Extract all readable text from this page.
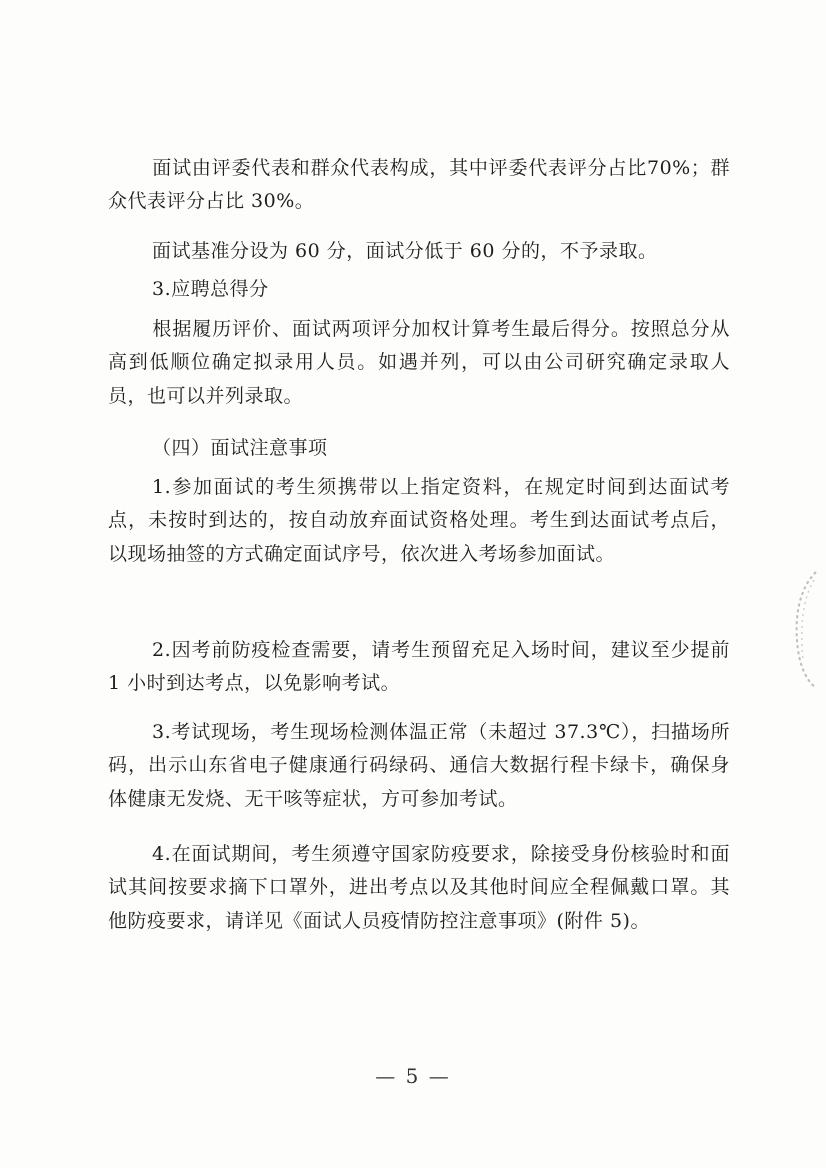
面试由评委代表和群众代表构成，其中评委代表评分占比70%；群众代表评分占比 30%。

面试基准分设为 60 分，面试分低于 60 分的，不予录取。

3.应聘总得分

根据履历评价、面试两项评分加权计算考生最后得分。按照总分从高到低顺位确定拟录用人员。如遇并列，可以由公司研究确定录取人员，也可以并列录取。

（四）面试注意事项

1.参加面试的考生须携带以上指定资料，在规定时间到达面试考点，未按时到达的，按自动放弃面试资格处理。考生到达面试考点后，以现场抽签的方式确定面试序号，依次进入考场参加面试。

2.因考前防疫检查需要，请考生预留充足入场时间，建议至少提前 1 小时到达考点，以免影响考试。

3.考试现场，考生现场检测体温正常（未超过 37.3℃），扫描场所码，出示山东省电子健康通行码绿码、通信大数据行程卡绿卡，确保身体健康无发烧、无干咳等症状，方可参加考试。

4.在面试期间，考生须遵守国家防疫要求，除接受身份核验时和面试其间按要求摘下口罩外，进出考点以及其他时间应全程佩戴口罩。其他防疫要求，请详见《面试人员疫情防控注意事项》(附件 5)。

— 5 —
